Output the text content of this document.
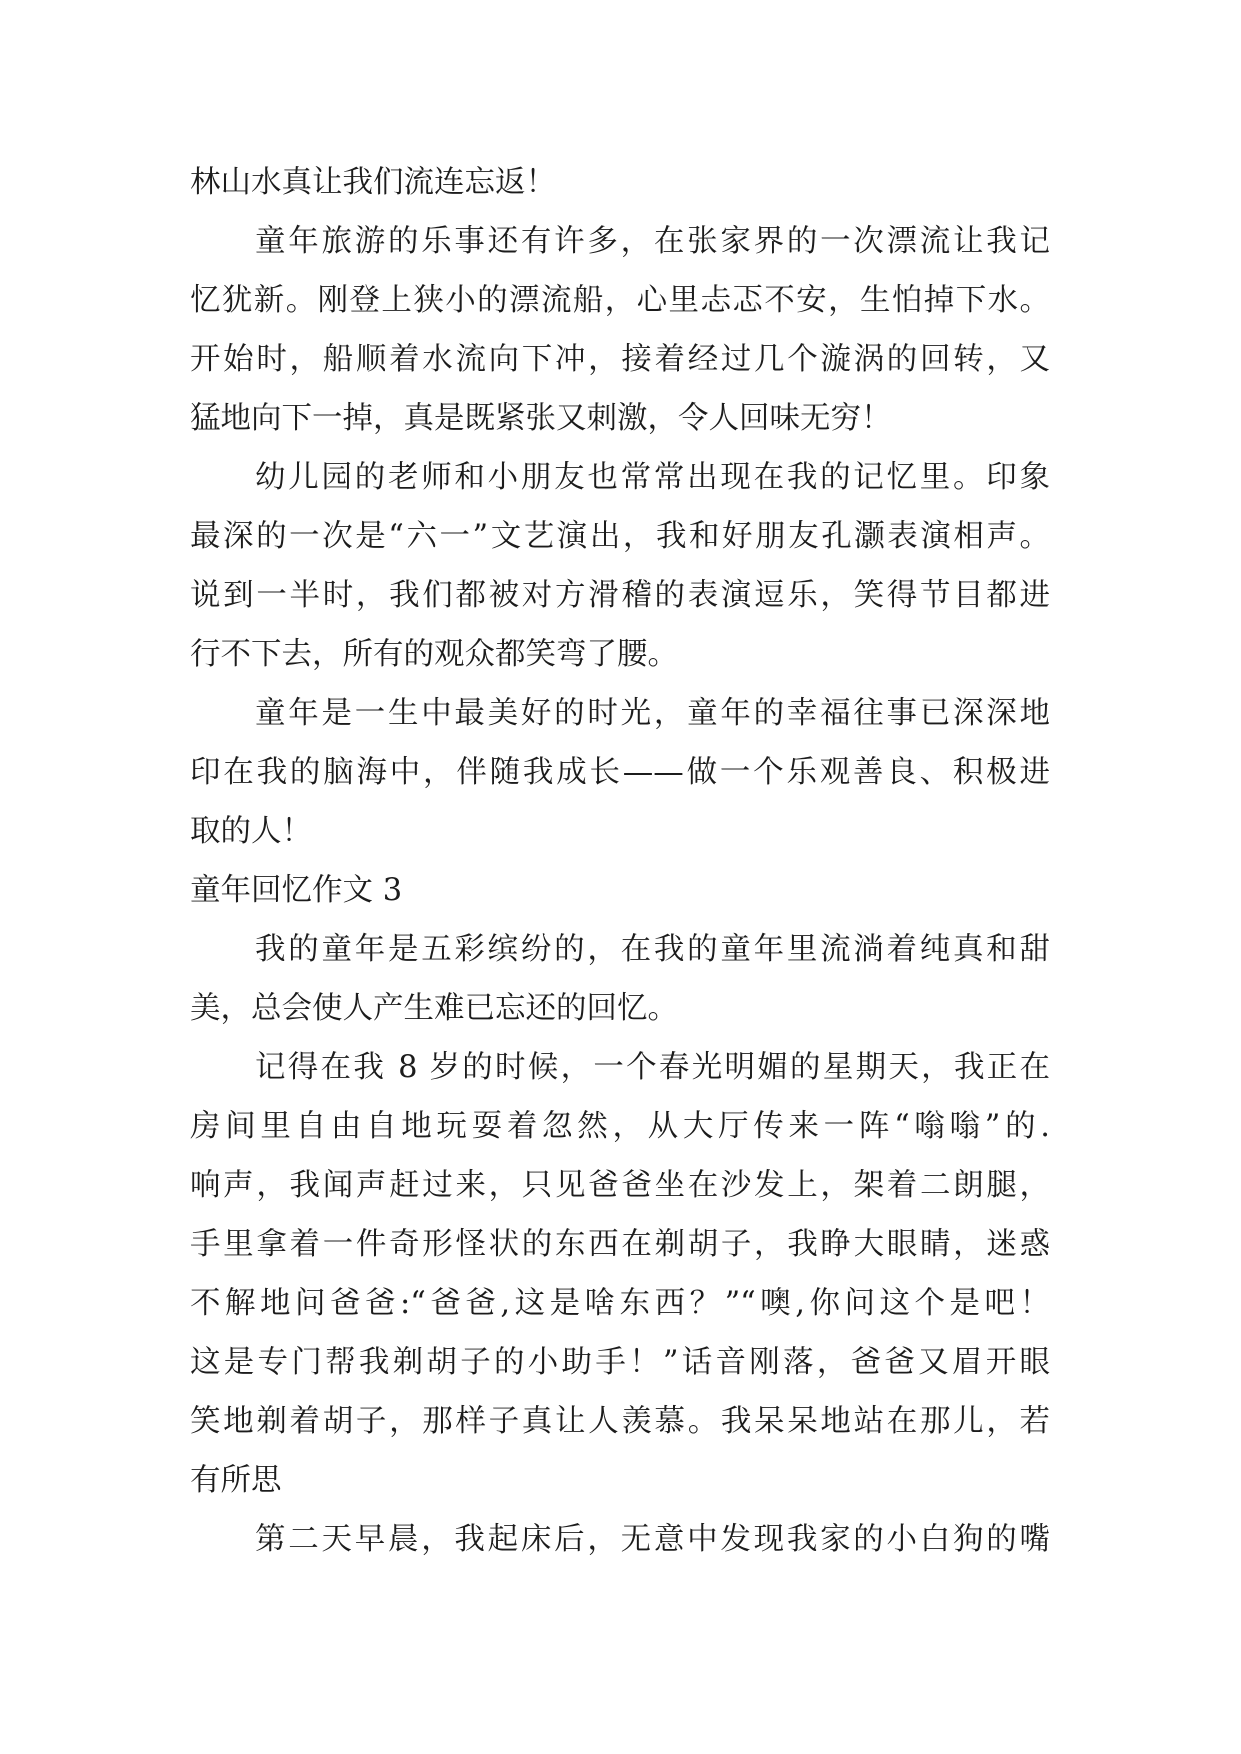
林山水真让我们流连忘返！
童年旅游的乐事还有许多，在张家界的一次漂流让我记
忆犹新。刚登上狭小的漂流船，心里忐忑不安，生怕掉下水。
开始时，船顺着水流向下冲，接着经过几个漩涡的回转，又
猛地向下一掉，真是既紧张又刺激，令人回味无穷！
幼儿园的老师和小朋友也常常出现在我的记忆里。印象
最深的一次是“六一”文艺演出，我和好朋友孔灏表演相声。
说到一半时，我们都被对方滑稽的表演逗乐，笑得节目都进
行不下去，所有的观众都笑弯了腰。
童年是一生中最美好的时光，童年的幸福往事已深深地
印在我的脑海中，伴随我成长——做一个乐观善良、积极进
取的人！
童年回忆作文 3
我的童年是五彩缤纷的，在我的童年里流淌着纯真和甜
美，总会使人产生难已忘还的回忆。
记得在我 8 岁的时候，一个春光明媚的星期天，我正在
房间里自由自地玩耍着忽然，从大厅传来一阵“嗡嗡”的.
响声，我闻声赶过来，只见爸爸坐在沙发上，架着二朗腿，
手里拿着一件奇形怪状的东西在剃胡子，我睁大眼睛，迷惑
不解地问爸爸:“爸爸,这是啥东西？”“噢,你问这个是吧！
这是专门帮我剃胡子的小助手！”话音刚落，爸爸又眉开眼
笑地剃着胡子，那样子真让人羡慕。我呆呆地站在那儿，若
有所思
第二天早晨，我起床后，无意中发现我家的小白狗的嘴
